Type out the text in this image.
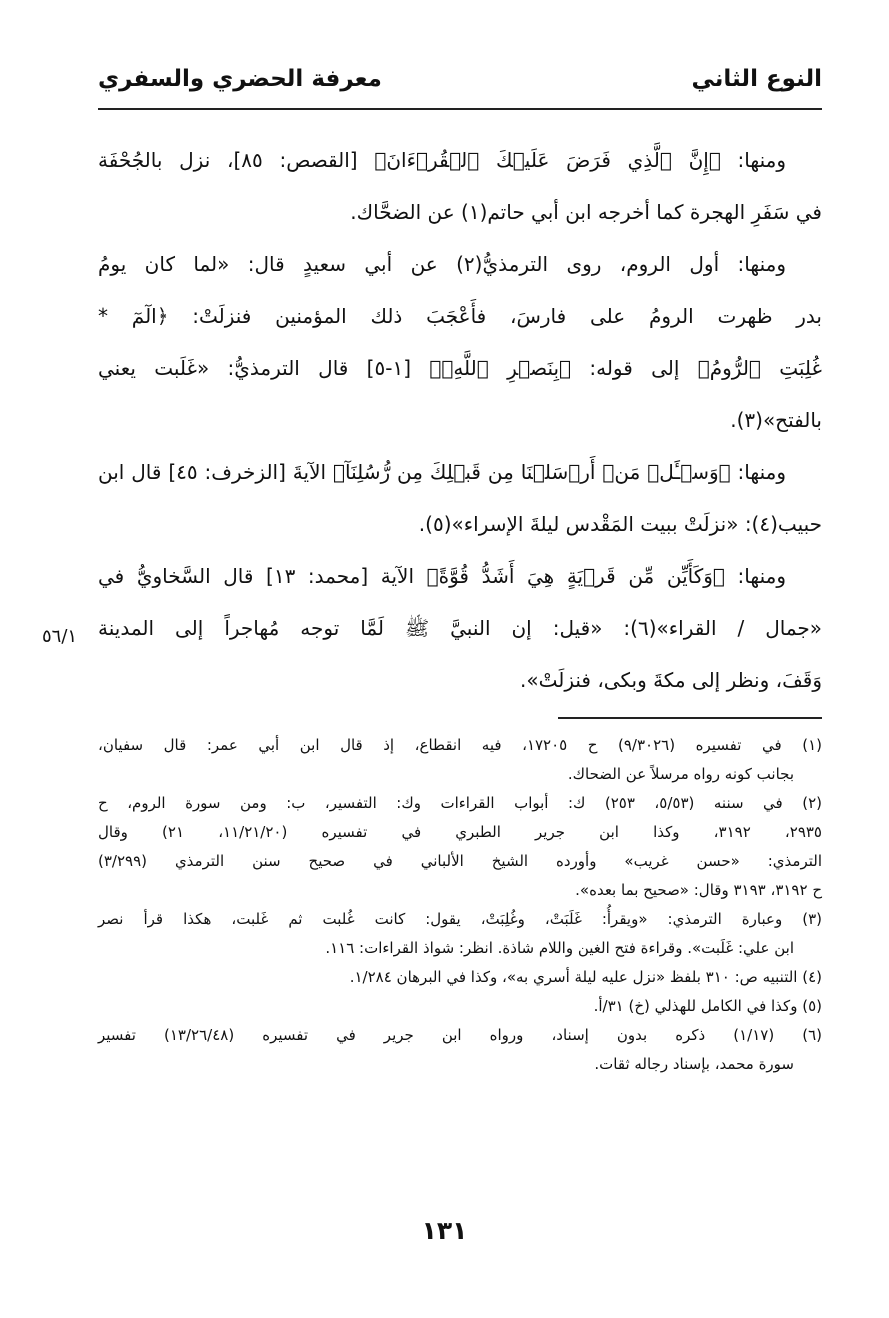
النوع الثاني
معرفة الحضري والسفري
ومنها: ﴿إِنَّ ٱلَّذِي فَرَضَ عَلَيۡكَ ٱلۡقُرۡءَانَ﴾ [القصص: ٨٥]، نزل بالجُحْفَة
في سَفَرِ الهجرة كما أخرجه ابن أبي حاتم(١) عن الضحَّاك.
ومنها: أول الروم، روى الترمذيُّ(٢) عن أبي سعيدٍ قال: «لما كان يومُ
بدر ظهرت الرومُ على فارسَ، فأَعْجَبَ ذلك المؤمنين فنزلَتْ: ﴿الٓمٓ *
غُلِبَتِ ٱلرُّومُ﴾ إلى قوله: ﴿بِنَصۡرِ ٱللَّهِۚ﴾ [١-٥] قال الترمذيُّ: «غَلَبت يعني
بالفتح»(٣).
ومنها: ﴿وَسۡـَٔلۡ مَنۡ أَرۡسَلۡنَا مِن قَبۡلِكَ مِن رُّسُلِنَآ﴾ الآيةَ [الزخرف: ٤٥] قال ابن
حبيب(٤): «نزلَتْ ببيت المَقْدس ليلةَ الإسراء»(٥).
ومنها: ﴿وَكَأَيِّن مِّن قَرۡيَةٍ هِيَ أَشَدُّ قُوَّةً﴾ الآية [محمد: ١٣] قال السَّخاويُّ في
«جمال / القراء»(٦): «قيل: إن النبيَّ ﷺ لَمَّا توجه مُهاجراً إلى المدينة
وَقَفَ، ونظر إلى مكةَ وبكى، فنزلَتْ».
٥٦/١
(١) في تفسيره (٩/٣٠٢٦) ح ١٧٢٠٥، فيه انقطاع، إذ قال ابن أبي عمر: قال سفيان،
بجانب كونه رواه مرسلاً عن الضحاك.
(٢) في سننه (٥/٥٣، ٢٥٣) ك: أبواب القراءات وك: التفسير، ب: ومن سورة الروم، ح
٢٩٣٥، ٣١٩٢، وكذا ابن جرير الطبري في تفسيره (١١/٢١/٢٠، ٢١) وقال
الترمذي: «حسن غريب» وأورده الشيخ الألباني في صحيح سنن الترمذي (٣/٢٩٩)
ح ٣١٩٢، ٣١٩٣ وقال: «صحيح بما بعده».
(٣) وعبارة الترمذي: «ويقرأُ: غَلَبَتْ، وغُلِبَتْ، يقول: كانت غُلبت ثم غَلبت، هكذا قرأ نصر
ابن علي: غَلَبت». وقراءة فتح الغين واللام شاذة. انظر: شواذ القراءات: ١١٦.
(٤) التنبيه ص: ٣١٠ بلفظ «نزل عليه ليلة أسري به»، وكذا في البرهان ١/٢٨٤.
(٥) وكذا في الكامل للهذلي (خ) ٣١/أ.
(٦) (١/١٧) ذكره بدون إسناد، ورواه ابن جرير في تفسيره (١٣/٢٦/٤٨) تفسير
سورة محمد، بإسناد رجاله ثقات.
١٣١
